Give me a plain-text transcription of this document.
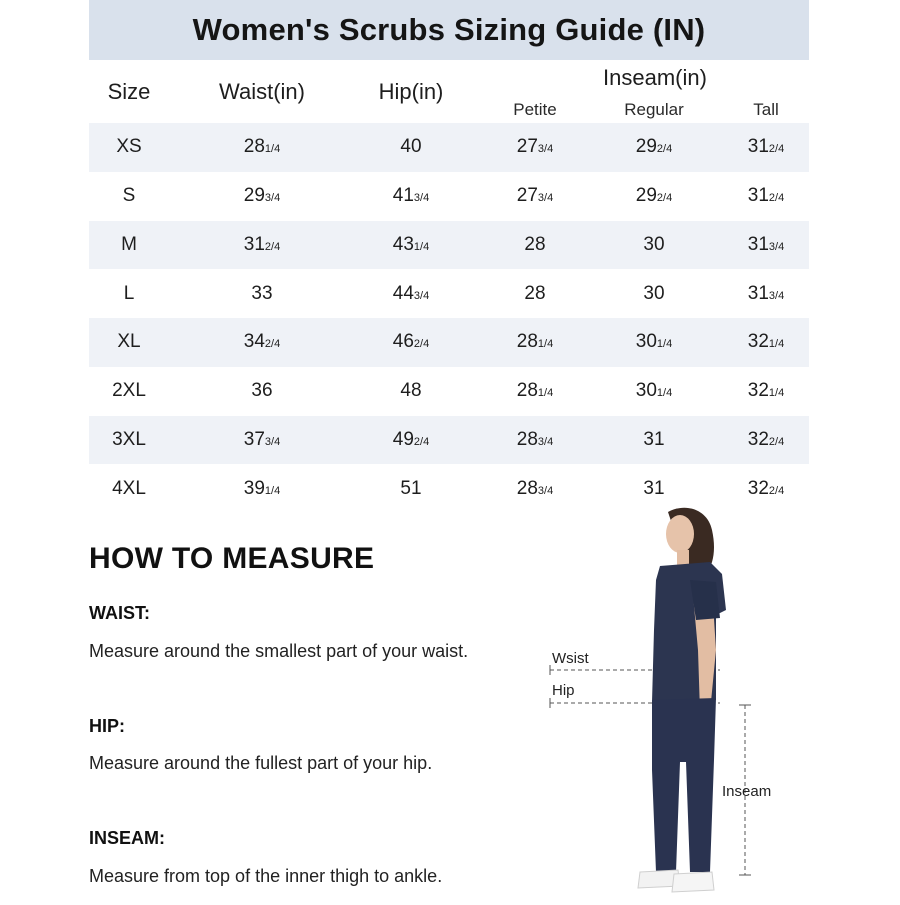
Women's Scrubs Sizing Guide (IN)
Size	Waist(in)	Hip(in)
Inseam(in)
Petite	Regular	Tall
XS	281/4	40	273/4	292/4	312/4
S	293/4	413/4	273/4	292/4	312/4
M	312/4	431/4	28	30	313/4
L	33	443/4	28	30	313/4
XL	342/4	462/4	281/4	301/4	321/4
2XL	36	48	281/4	301/4	321/4
3XL	373/4	492/4	283/4	31	322/4
4XL	391/4	51	283/4	31	322/4
HOW TO MEASURE
WAIST:
Measure around the smallest part of your waist.
HIP:
Measure around the fullest part of your hip.
INSEAM:
Measure from top of the inner thigh to ankle.
Wsist
Hip
Inseam
